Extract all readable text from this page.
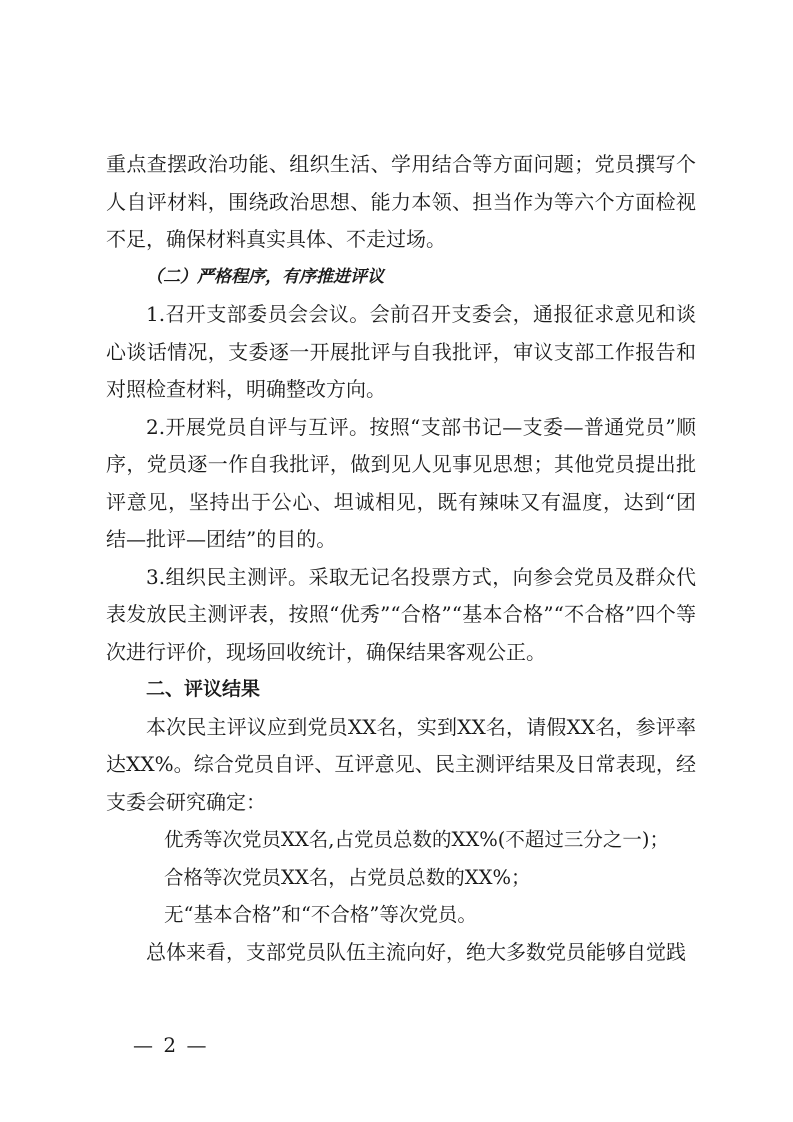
重点查摆政治功能、组织生活、学用结合等方面问题；党员撰写个人自评材料，围绕政治思想、能力本领、担当作为等六个方面检视不足，确保材料真实具体、不走过场。

（二）严格程序，有序推进评议

1.召开支部委员会会议。会前召开支委会，通报征求意见和谈心谈话情况，支委逐一开展批评与自我批评，审议支部工作报告和对照检查材料，明确整改方向。

2.开展党员自评与互评。按照“支部书记—支委—普通党员”顺序，党员逐一作自我批评，做到见人见事见思想；其他党员提出批评意见，坚持出于公心、坦诚相见，既有辣味又有温度，达到“团结—批评—团结”的目的。

3.组织民主测评。采取无记名投票方式，向参会党员及群众代表发放民主测评表，按照“优秀”“合格”“基本合格”“不合格”四个等次进行评价，现场回收统计，确保结果客观公正。

二、评议结果

本次民主评议应到党员XX名，实到XX名，请假XX名，参评率达XX%。综合党员自评、互评意见、民主测评结果及日常表现，经支委会研究确定：

优秀等次党员XX名,占党员总数的XX%(不超过三分之一)；

合格等次党员XX名，占党员总数的XX%；

无“基本合格”和“不合格”等次党员。

总体来看，支部党员队伍主流向好，绝大多数党员能够自觉践

— 2 —
